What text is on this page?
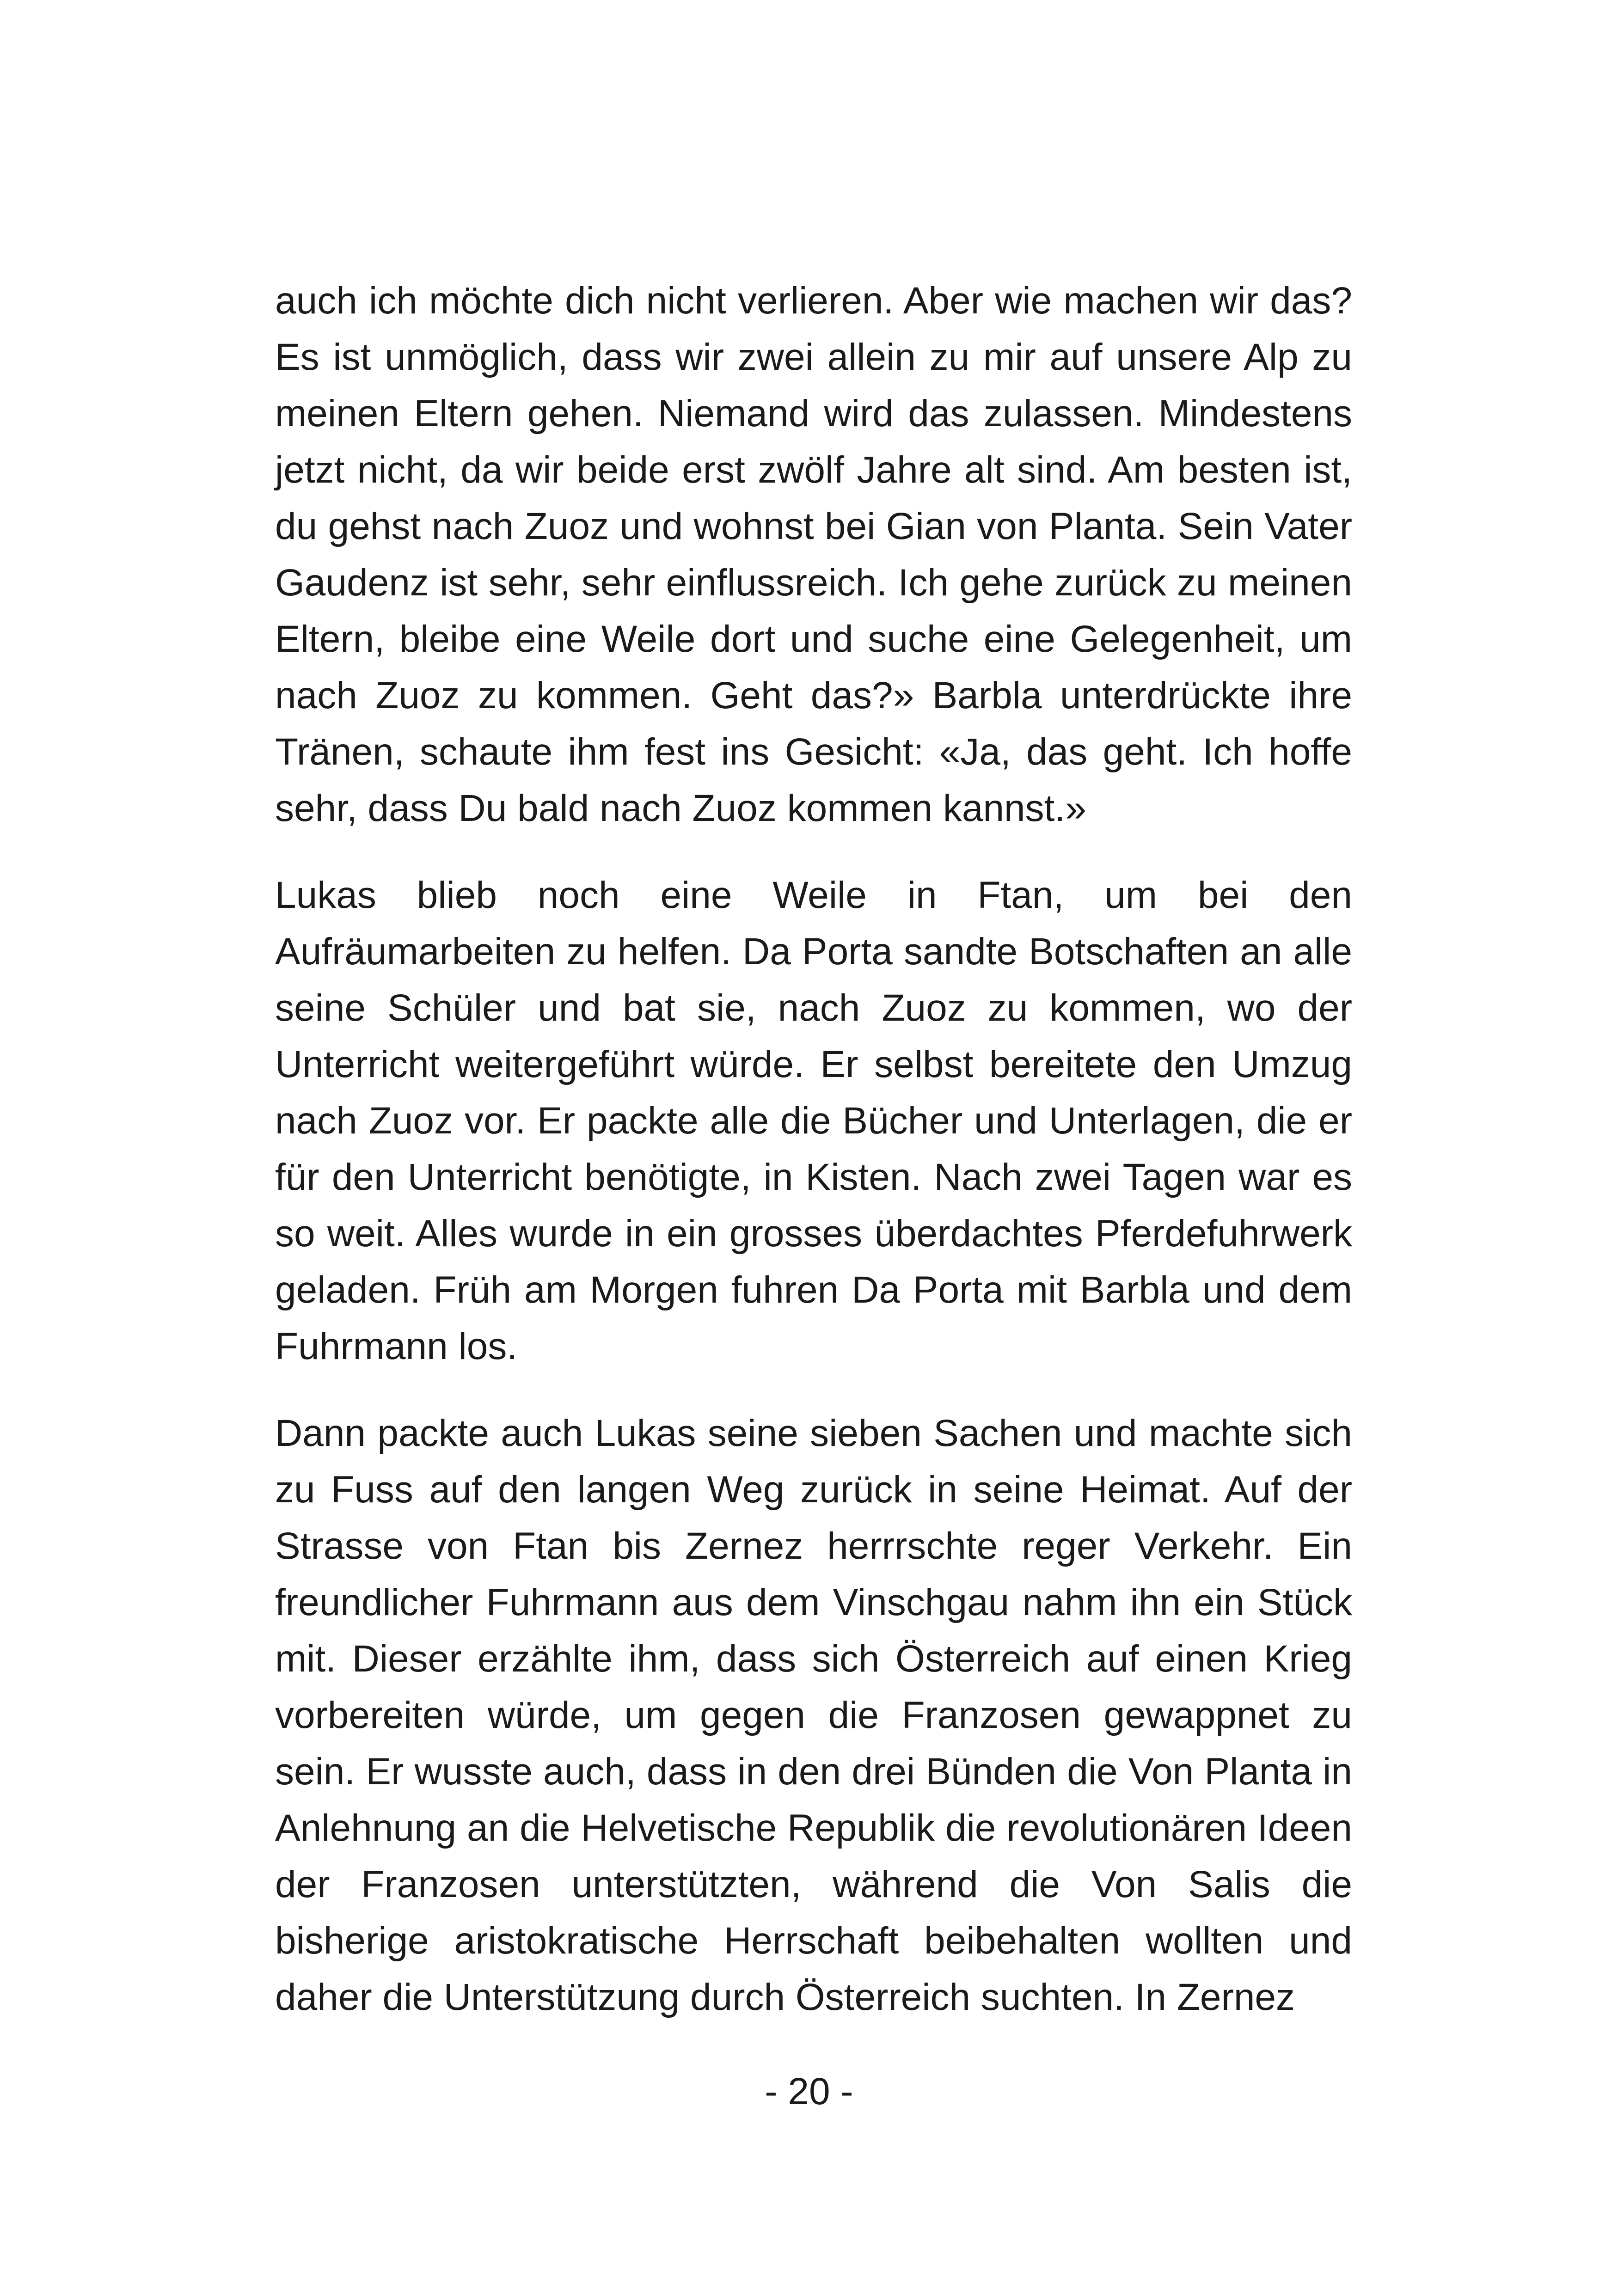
auch ich möchte dich nicht verlieren. Aber wie machen wir das? Es ist unmöglich, dass wir zwei allein zu mir auf unsere Alp zu meinen Eltern gehen. Niemand wird das zulassen. Mindestens jetzt nicht, da wir beide erst zwölf Jahre alt sind. Am besten ist, du gehst nach Zuoz und wohnst bei Gian von Planta. Sein Vater Gaudenz ist sehr, sehr einflussreich. Ich gehe zurück zu meinen Eltern, bleibe eine Weile dort und suche eine Gelegenheit, um nach Zuoz zu kommen. Geht das?» Barbla unterdrückte ihre Tränen, schaute ihm fest ins Gesicht: «Ja, das geht. Ich hoffe sehr, dass Du bald nach Zuoz kommen kannst.»

Lukas blieb noch eine Weile in Ftan, um bei den Aufräumarbeiten zu helfen. Da Porta sandte Botschaften an alle seine Schüler und bat sie, nach Zuoz zu kommen, wo der Unterricht weitergeführt würde. Er selbst bereitete den Umzug nach Zuoz vor. Er packte alle die Bücher und Unterlagen, die er für den Unterricht benötigte, in Kisten. Nach zwei Tagen war es so weit. Alles wurde in ein grosses überdachtes Pferdefuhrwerk geladen. Früh am Morgen fuhren Da Porta mit Barbla und dem Fuhrmann los.

Dann packte auch Lukas seine sieben Sachen und machte sich zu Fuss auf den langen Weg zurück in seine Heimat. Auf der Strasse von Ftan bis Zernez herrrschte reger Verkehr. Ein freundlicher Fuhrmann aus dem Vinschgau nahm ihn ein Stück mit. Dieser erzählte ihm, dass sich Österreich auf einen Krieg vorbereiten würde, um gegen die Franzosen gewappnet zu sein. Er wusste auch, dass in den drei Bünden die Von Planta in Anlehnung an die Helvetische Republik die revolutionären Ideen der Franzosen unterstützten, während die Von Salis die bisherige aristokratische Herrschaft beibehalten wollten und daher die Unterstützung durch Österreich suchten. In Zernez

- 20 -
